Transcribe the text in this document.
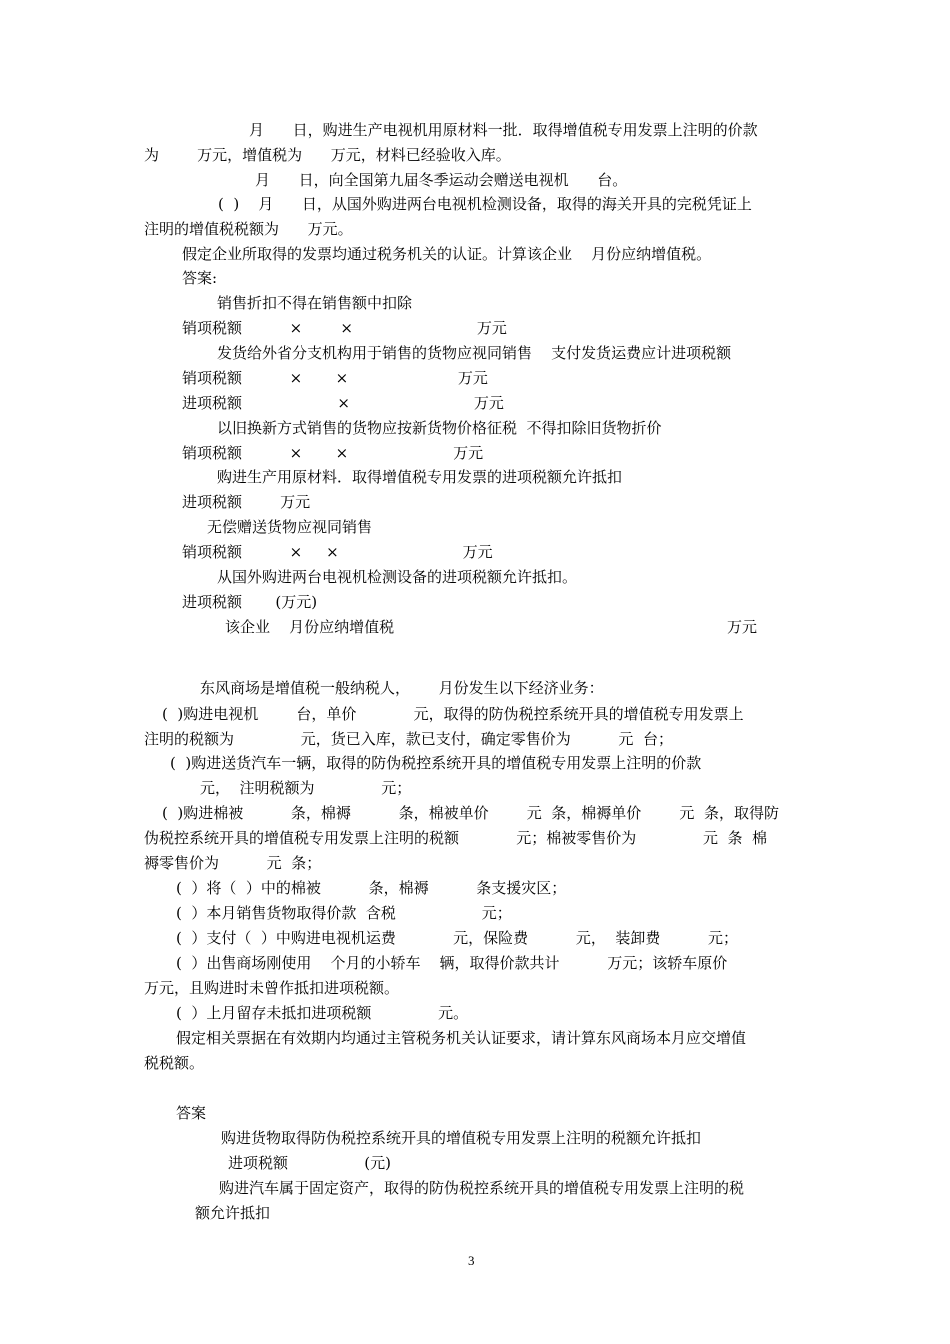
月      日，购进生产电视机用原材料一批．取得增值税专用发票上注明的价款
为        万元，增值税为      万元，材料已经验收入库。
月      日，向全国第九届冬季运动会赠送电视机      台。
(  )    月      日，从国外购进两台电视机检测设备，取得的海关开具的完税凭证上
注明的增值税税额为      万元。
假定企业所取得的发票均通过税务机关的认证。计算该企业    月份应纳增值税。
答案:
销售折扣不得在销售额中扣除
销项税额          ×        ×                          万元
发货给外省分支机构用于销售的货物应视同销售    支付发货运费应计进项税额
销项税额          ×       ×                       万元
进项税额                    ×                          万元
以旧换新方式销售的货物应按新货物价格征税  不得扣除旧货物折价
销项税额          ×       ×                      万元
购进生产用原材料．取得增值税专用发票的进项税额允许抵扣
进项税额        万元
无偿赠送货物应视同销售
销项税额          ×     ×                          万元
从国外购进两台电视机检测设备的进项税额允许抵扣。
进项税额       (万元)
该企业    月份应纳增值税	万元
东风商场是增值税一般纳税人，      月份发生以下经济业务：
(  )购进电视机        台，单价            元，取得的防伪税控系统开具的增值税专用发票上
注明的税额为              元，货已入库，款已支付，确定零售价为          元  台；
(  )购进送货汽车一辆，取得的防伪税控系统开具的增值税专用发票上注明的价款
元，  注明税额为              元；
(  )购进棉被          条，棉褥          条，棉被单价        元  条，棉褥单价        元  条，取得防
伪税控系统开具的增值税专用发票上注明的税额            元；棉被零售价为              元  条  棉
褥零售价为          元  条；
(  ）将（  ）中的棉被          条，棉褥          条支援灾区；
(  ）本月销售货物取得价款  含税                  元；
(  ）支付（  ）中购进电视机运费            元，保险费          元，  装卸费          元；
(  ）出售商场刚使用    个月的小轿车    辆，取得价款共计          万元；该轿车原价
万元，且购进时未曾作抵扣进项税额。
(  ）上月留存未抵扣进项税额              元。
假定相关票据在有效期内均通过主管税务机关认证要求，请计算东风商场本月应交增值
税税额。
答案
购进货物取得防伪税控系统开具的增值税专用发票上注明的税额允许抵扣
进项税额                (元)
购进汽车属于固定资产，取得的防伪税控系统开具的增值税专用发票上注明的税
额允许抵扣
3
